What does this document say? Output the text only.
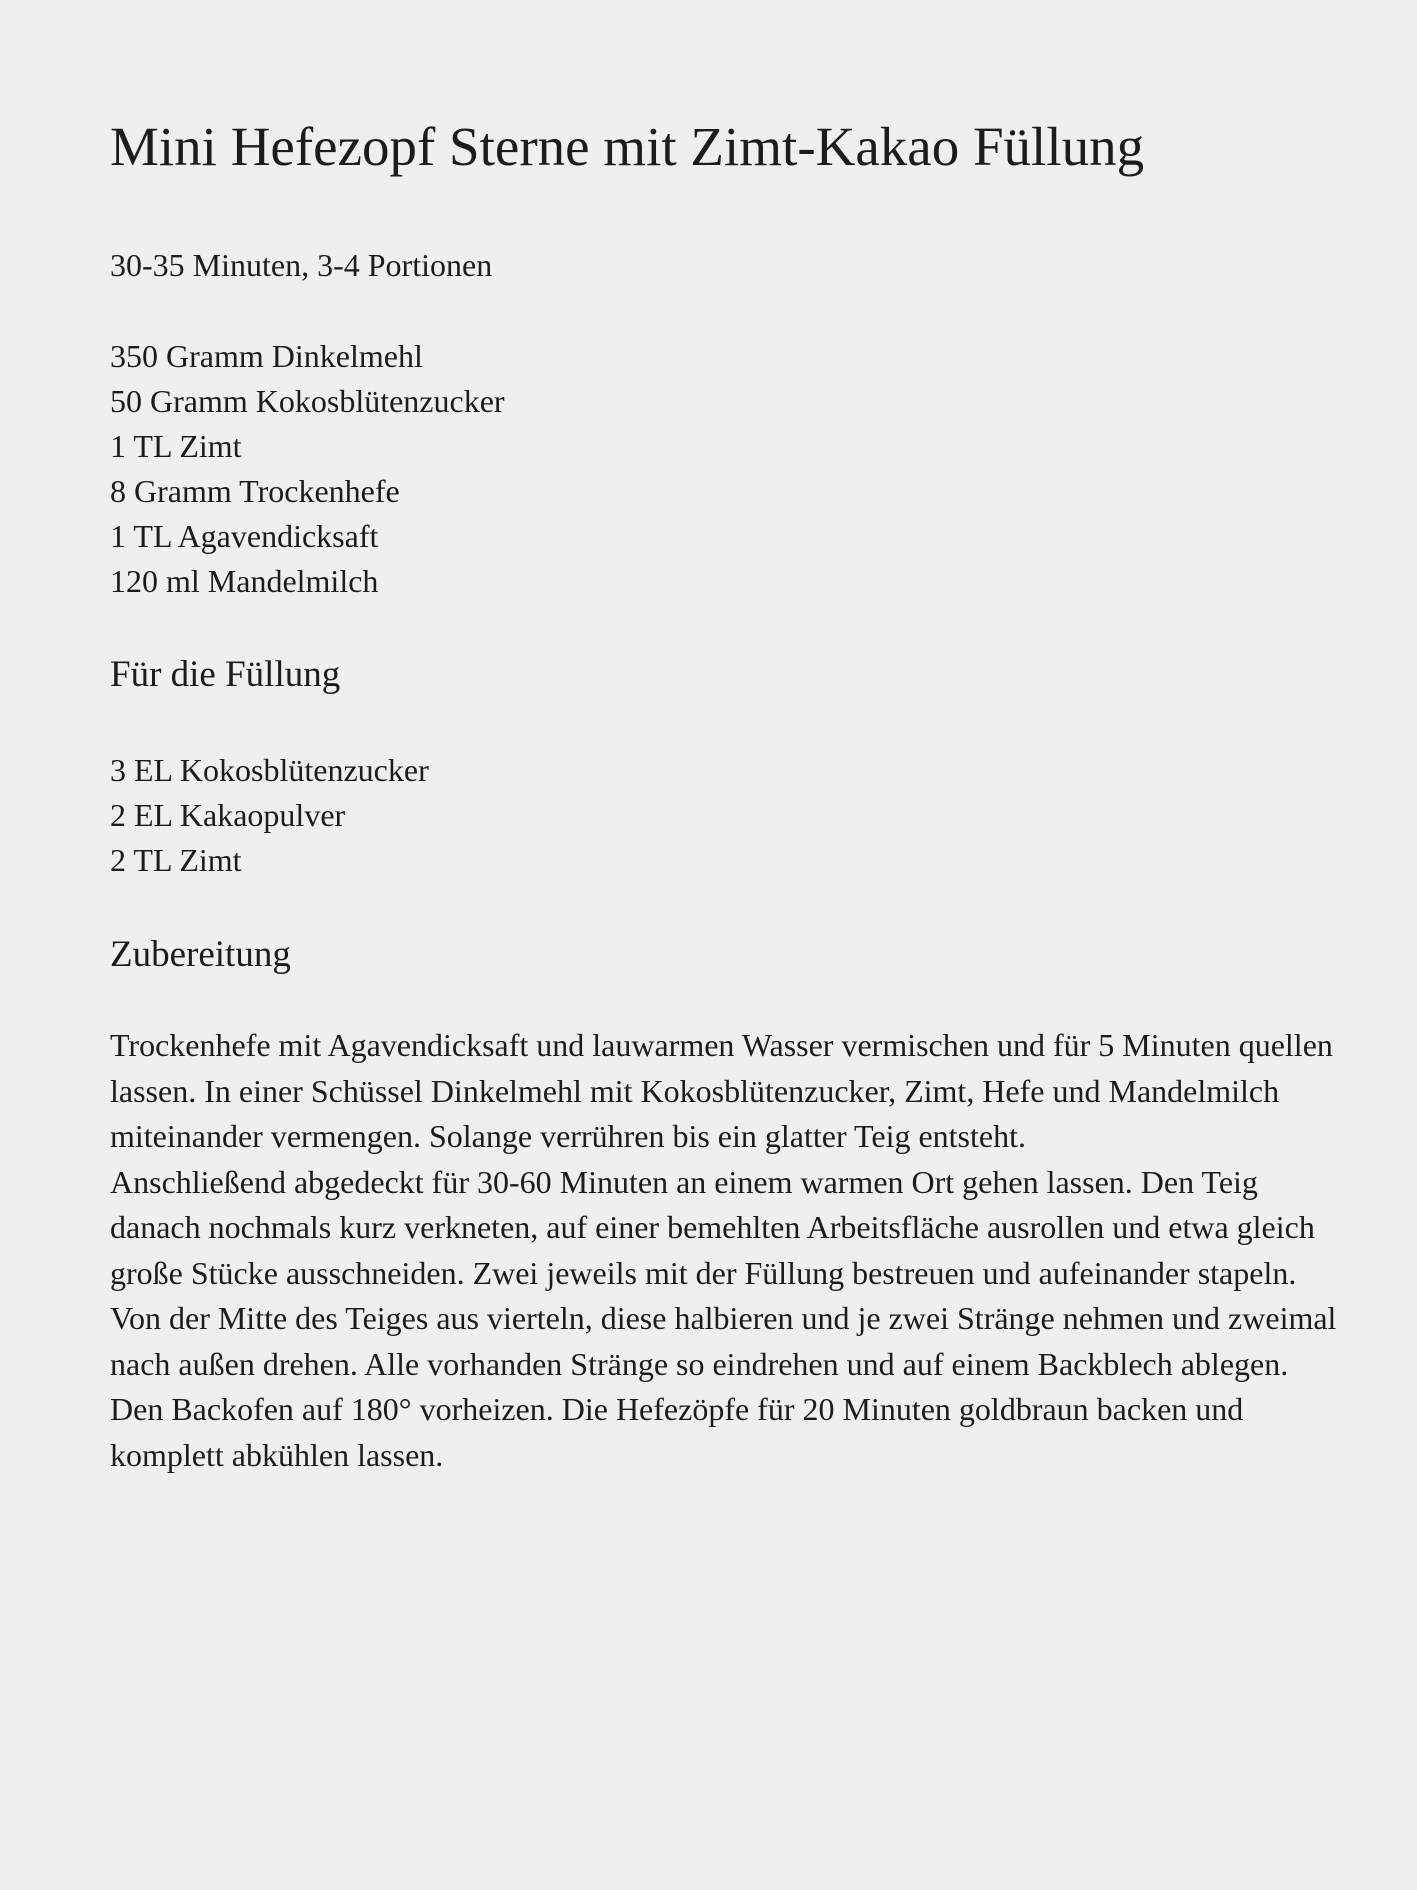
Mini Hefezopf Sterne mit Zimt-Kakao Füllung

30-35 Minuten, 3-4 Portionen

350 Gramm Dinkelmehl
50 Gramm Kokosblütenzucker
1 TL Zimt
8 Gramm Trockenhefe
1 TL Agavendicksaft
120 ml Mandelmilch
Für die Füllung
3 EL Kokosblütenzucker
2 EL Kakaopulver
2 TL Zimt
Zubereitung

Trockenhefe mit Agavendicksaft und lauwarmen Wasser vermischen und für 5 Minuten quellen lassen. In einer Schüssel Dinkelmehl mit Kokosblütenzucker, Zimt, Hefe und Mandelmilch miteinander vermengen. Solange verrühren bis ein glatter Teig entsteht.

Anschließend abgedeckt für 30-60 Minuten an einem warmen Ort gehen lassen. Den Teig danach nochmals kurz verkneten, auf einer bemehlten Arbeitsfläche ausrollen und etwa gleich große Stücke ausschneiden. Zwei jeweils mit der Füllung bestreuen und aufeinander stapeln.

Von der Mitte des Teiges aus vierteln, diese halbieren und je zwei Stränge nehmen und zweimal nach außen drehen. Alle vorhanden Stränge so eindrehen und auf einem Backblech ablegen.

Den Backofen auf 180° vorheizen. Die Hefezöpfe für 20 Minuten goldbraun backen und komplett abkühlen lassen.
